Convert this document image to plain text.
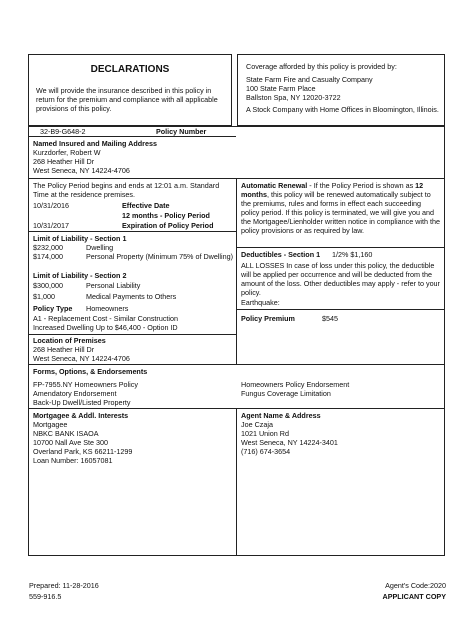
DECLARATIONS
We will provide the insurance described in this policy in return for the premium and compliance with all applicable provisions of this policy.
Coverage afforded by this policy is provided by:
State Farm Fire and Casualty Company
100 State Farm Place
Ballston Spa, NY 12020-3722
A Stock Company with Home Offices in Bloomington, Illinois.
32-B9-G648-2	Policy Number
Named Insured and Mailing Address
Kurzdorfer, Robert W
268 Heather Hill Dr
West Seneca, NY 14224-4706
The Policy Period begins and ends at 12:01 a.m. Standard Time at the residence premises.
10/31/2016	Effective Date
12 months - Policy Period
10/31/2017	Expiration of Policy Period
Limit of Liability - Section 1
$232,000	Dwelling
$174,000	Personal Property (Minimum 75% of Dwelling)
Limit of Liability - Section 2
$300,000	Personal Liability
$1,000	Medical Payments to Others
Policy Type Homeowners
A1 - Replacement Cost - Similar Construction
Increased Dwelling Up to $46,400 - Option ID
Automatic Renewal - If the Policy Period is shown as 12 months, this policy will be renewed automatically subject to the premiums, rules and forms in effect each succeeding policy period. If this policy is terminated, we will give you and the Mortgagee/Lienholder written notice in compliance with the policy provisions or as required by law.
Deductibles - Section 1 1/2% $1,160
ALL LOSSES In case of loss under this policy, the deductible will be applied per occurrence and will be deducted from the amount of the loss. Other deductibles may apply - refer to your policy.
Earthquake:
Policy Premium	$545
Location of Premises
268 Heather Hill Dr
West Seneca, NY 14224-4706
Forms, Options, & Endorsements
FP-7955.NY Homeowners Policy
Amendatory Endorsement
Back-Up Dwell/Listed Property
Homeowners Policy Endorsement
Fungus Coverage Limitation
Mortgagee & Addl. Interests
Mortgagee
NBKC BANK ISAOA
10700 Nall Ave Ste 300
Overland Park, KS 66211-1299
Loan Number: 16057081
Agent Name & Address
Joe Czaja
1021 Union Rd
West Seneca, NY 14224-3401
(716) 674-3654
Prepared: 11-28-2016
559-916.5
Agent's Code:2020
APPLICANT COPY
